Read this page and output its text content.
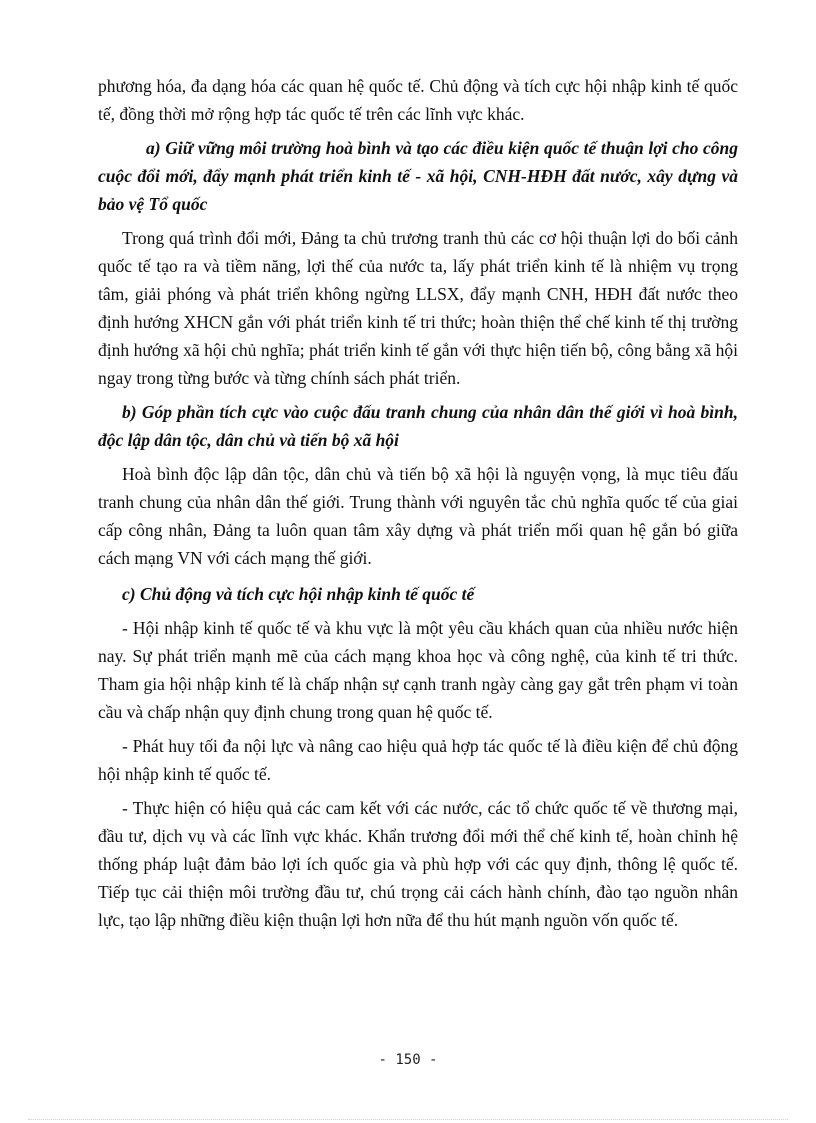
phương hóa, đa dạng hóa các quan hệ quốc tế. Chủ động và tích cực hội nhập kinh tế quốc tế, đồng thời mở rộng hợp tác quốc tế trên các lĩnh vực khác.

a) Giữ vững môi trường hoà bình và tạo các điều kiện quốc tế thuận lợi cho công cuộc đổi mới, đẩy mạnh phát triển kinh tế - xã hội, CNH-HĐH đất nước, xây dựng và bảo vệ Tổ quốc

Trong quá trình đổi mới, Đảng ta chủ trương tranh thủ các cơ hội thuận lợi do bối cảnh quốc tế tạo ra và tiềm năng, lợi thế của nước ta, lấy phát triển kinh tế là nhiệm vụ trọng tâm, giải phóng và phát triển không ngừng LLSX, đẩy mạnh CNH, HĐH đất nước theo định hướng XHCN gắn với phát triển kinh tế tri thức; hoàn thiện thể chế kinh tế thị trường định hướng xã hội chủ nghĩa; phát triển kinh tế gắn với thực hiện tiến bộ, công bằng xã hội ngay trong từng bước và từng chính sách phát triển.

b) Góp phần tích cực vào cuộc đấu tranh chung của nhân dân thế giới vì hoà bình, độc lập dân tộc, dân chủ và tiến bộ xã hội

Hoà bình độc lập dân tộc, dân chủ và tiến bộ xã hội là nguyện vọng, là mục tiêu đấu tranh chung của nhân dân thế giới. Trung thành với nguyên tắc chủ nghĩa quốc tế của giai cấp công nhân, Đảng ta luôn quan tâm xây dựng và phát triển mối quan hệ gắn bó giữa cách mạng VN với cách mạng thế giới.

c) Chủ động và tích cực hội nhập kinh tế quốc tế

- Hội nhập kinh tế quốc tế và khu vực là một yêu cầu khách quan của nhiều nước hiện nay. Sự phát triển mạnh mẽ của cách mạng khoa học và công nghệ, của kinh tế tri thức. Tham gia hội nhập kinh tế là chấp nhận sự cạnh tranh ngày càng gay gắt trên phạm vi toàn cầu và chấp nhận quy định chung trong quan hệ quốc tế.

- Phát huy tối đa nội lực và nâng cao hiệu quả hợp tác quốc tế là điều kiện để chủ động hội nhập kinh tế quốc tế.

- Thực hiện có hiệu quả các cam kết với các nước, các tổ chức quốc tế về thương mại, đầu tư, dịch vụ và các lĩnh vực khác. Khẩn trương đổi mới thể chế kinh tế, hoàn chỉnh hệ thống pháp luật đảm bảo lợi ích quốc gia và phù hợp với các quy định, thông lệ quốc tế. Tiếp tục cải thiện môi trường đầu tư, chú trọng cải cách hành chính, đào tạo nguồn nhân lực, tạo lập những điều kiện thuận lợi hơn nữa để thu hút mạnh nguồn vốn quốc tế.

- 150 -
